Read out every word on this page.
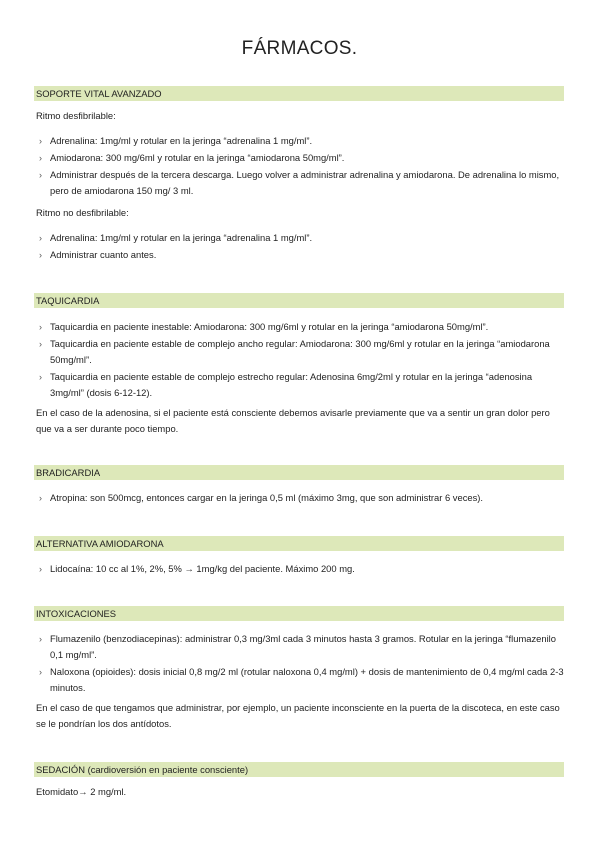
FÁRMACOS.
SOPORTE VITAL AVANZADO
Ritmo desfibrilable:
› Adrenalina: 1mg/ml y rotular en la jeringa “adrenalina 1 mg/ml”.
› Amiodarona: 300 mg/6ml y rotular en la jeringa “amiodarona 50mg/ml”.
› Administrar después de la tercera descarga. Luego volver a administrar adrenalina y amiodarona. De adrenalina lo mismo, pero de amiodarona 150 mg/ 3 ml.
Ritmo no desfibrilable:
› Adrenalina: 1mg/ml y rotular en la jeringa “adrenalina 1 mg/ml”.
› Administrar cuanto antes.
TAQUICARDIA
› Taquicardia en paciente inestable: Amiodarona: 300 mg/6ml y rotular en la jeringa “amiodarona 50mg/ml”.
› Taquicardia en paciente estable de complejo ancho regular: Amiodarona: 300 mg/6ml y rotular en la jeringa “amiodarona 50mg/ml”.
› Taquicardia en paciente estable de complejo estrecho regular: Adenosina 6mg/2ml y rotular en la jeringa “adenosina 3mg/ml” (dosis 6-12-12).
En el caso de la adenosina, si el paciente está consciente debemos avisarle previamente que va a sentir un gran dolor pero que va a ser durante poco tiempo.
BRADICARDIA
› Atropina: son 500mcg, entonces cargar en la jeringa 0,5 ml (máximo 3mg, que son administrar 6 veces).
ALTERNATIVA AMIODARONA
› Lidocaína: 10 cc al 1%, 2%, 5% → 1mg/kg del paciente. Máximo 200 mg.
INTOXICACIONES
› Flumazenilo (benzodiacepinas): administrar 0,3 mg/3ml cada 3 minutos hasta 3 gramos. Rotular en la jeringa “flumazenilo 0,1 mg/ml”.
› Naloxona (opioides): dosis inicial 0,8 mg/2 ml (rotular naloxona 0,4 mg/ml) + dosis de mantenimiento de 0,4 mg/ml cada 2-3 minutos.
En el caso de que tengamos que administrar, por ejemplo, un paciente inconsciente en la puerta de la discoteca, en este caso se le pondrían los dos antídotos.
SEDACIÓN (cardioversión en paciente consciente)
Etomidato→ 2 mg/ml.
